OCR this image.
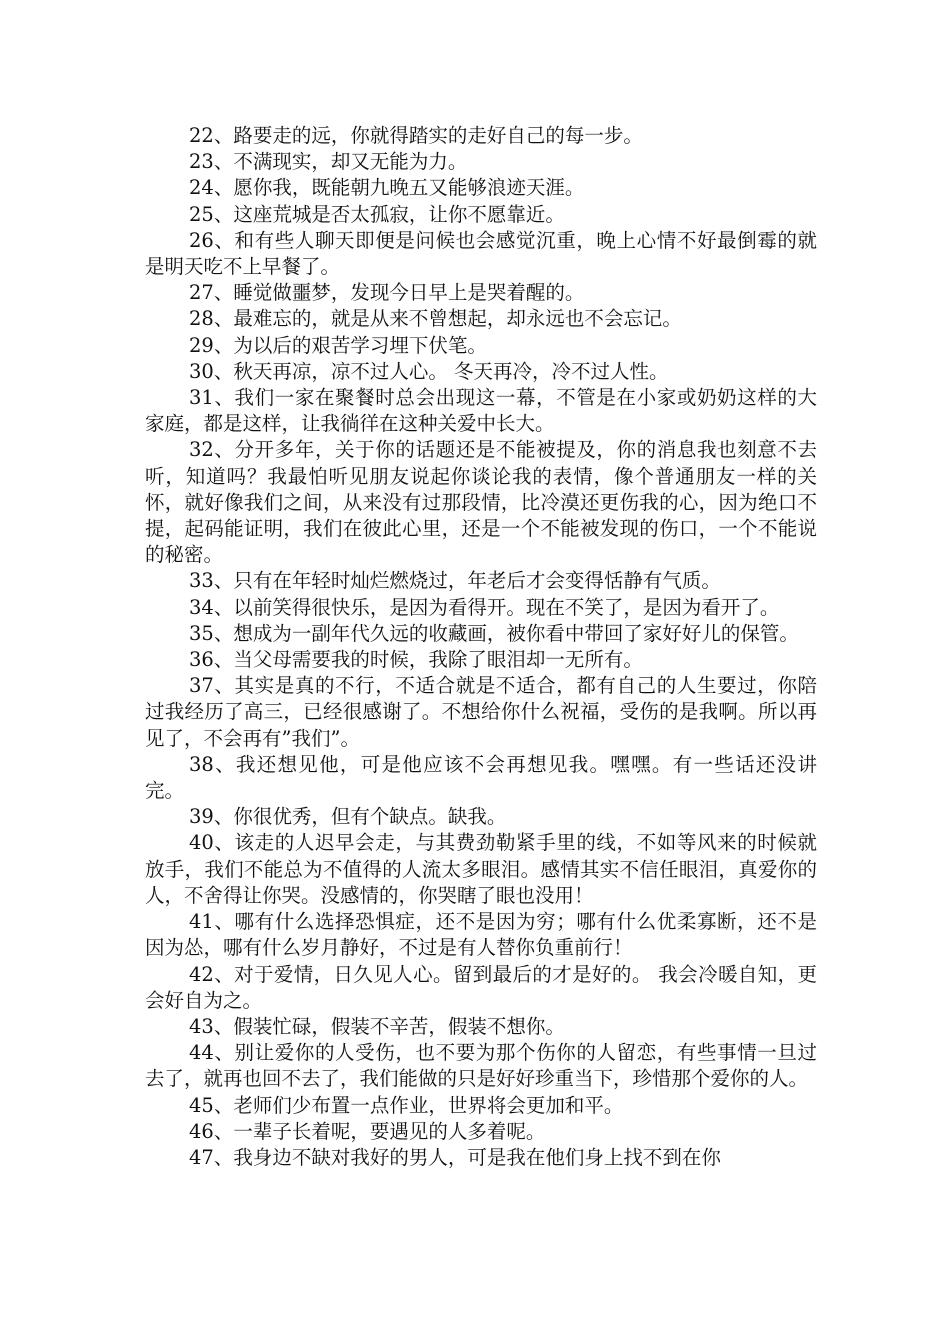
22、路要走的远，你就得踏实的走好自己的每一步。

23、不满现实，却又无能为力。

24、愿你我，既能朝九晚五又能够浪迹天涯。

25、这座荒城是否太孤寂，让你不愿靠近。

26、和有些人聊天即便是问候也会感觉沉重，晚上心情不好最倒霉的就是明天吃不上早餐了。

27、睡觉做噩梦，发现今日早上是哭着醒的。

28、最难忘的，就是从来不曾想起，却永远也不会忘记。

29、为以后的艰苦学习埋下伏笔。

30、秋天再凉，凉不过人心。 冬天再冷，冷不过人性。

31、我们一家在聚餐时总会出现这一幕，不管是在小家或奶奶这样的大家庭，都是这样，让我徜徉在这种关爱中长大。

32、分开多年，关于你的话题还是不能被提及，你的消息我也刻意不去听，知道吗？我最怕听见朋友说起你谈论我的表情，像个普通朋友一样的关怀，就好像我们之间，从来没有过那段情，比冷漠还更伤我的心，因为绝口不提，起码能证明，我们在彼此心里，还是一个不能被发现的伤口，一个不能说的秘密。

33、只有在年轻时灿烂燃烧过，年老后才会变得恬静有气质。

34、以前笑得很快乐，是因为看得开。现在不笑了，是因为看开了。

35、想成为一副年代久远的收藏画，被你看中带回了家好好儿的保管。

36、当父母需要我的时候，我除了眼泪却一无所有。

37、其实是真的不行，不适合就是不适合，都有自己的人生要过，你陪过我经历了高三，已经很感谢了。不想给你什么祝福，受伤的是我啊。所以再见了，不会再有”我们”。

38、我还想见他，可是他应该不会再想见我。嘿嘿。有一些话还没讲完。

39、你很优秀，但有个缺点。缺我。

40、该走的人迟早会走，与其费劲勒紧手里的线，不如等风来的时候就放手，我们不能总为不值得的人流太多眼泪。感情其实不信任眼泪，真爱你的人，不舍得让你哭。没感情的，你哭瞎了眼也没用！

41、哪有什么选择恐惧症，还不是因为穷；哪有什么优柔寡断，还不是因为怂，哪有什么岁月静好，不过是有人替你负重前行！

42、对于爱情，日久见人心。留到最后的才是好的。 我会冷暖自知，更会好自为之。

43、假装忙碌，假装不辛苦，假装不想你。

44、别让爱你的人受伤，也不要为那个伤你的人留恋，有些事情一旦过去了，就再也回不去了，我们能做的只是好好珍重当下，珍惜那个爱你的人。

45、老师们少布置一点作业，世界将会更加和平。

46、一辈子长着呢，要遇见的人多着呢。

47、我身边不缺对我好的男人，可是我在他们身上找不到在你
